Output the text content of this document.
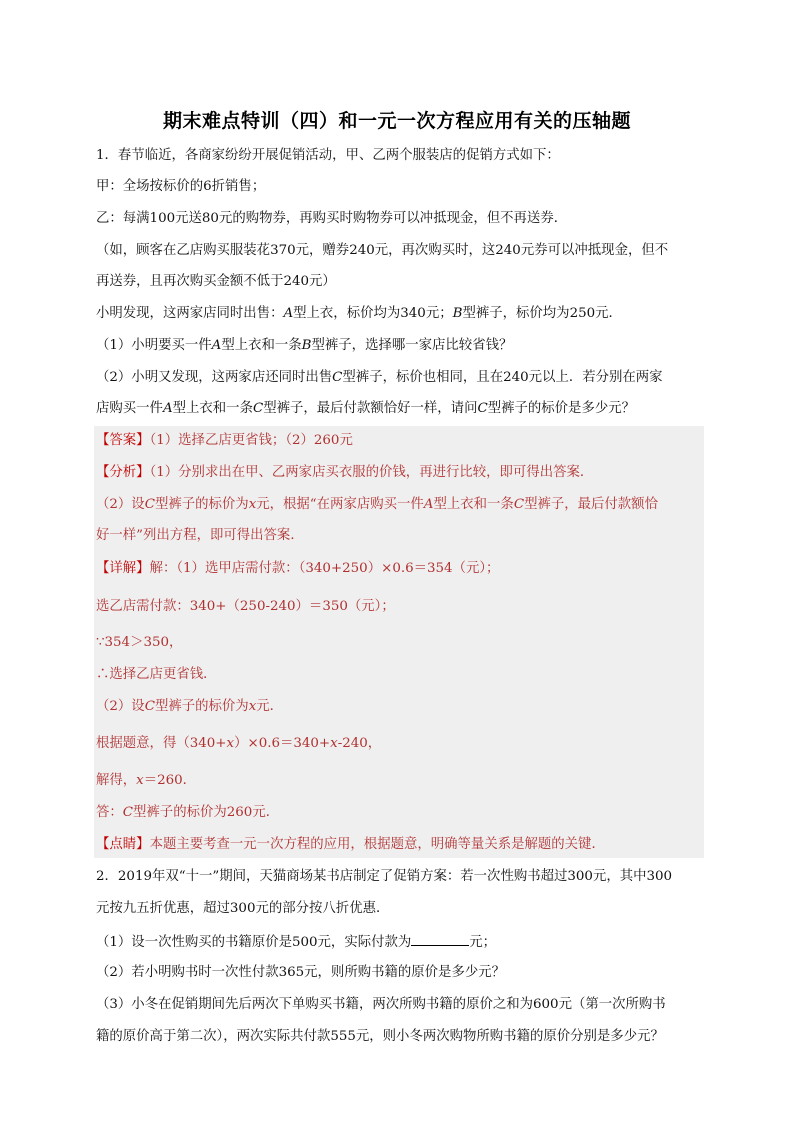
期末难点特训（四）和一元一次方程应用有关的压轴题
1．春节临近，各商家纷纷开展促销活动，甲、乙两个服装店的促销方式如下：
甲：全场按标价的6折销售；
乙：每满100元送80元的购物券，再购买时购物券可以冲抵现金，但不再送券．
（如，顾客在乙店购买服装花370元，赠券240元，再次购买时，这240元券可以冲抵现金，但不
再送券，且再次购买金额不低于240元）
小明发现，这两家店同时出售：A型上衣，标价均为340元；B型裤子，标价均为250元．
（1）小明要买一件A型上衣和一条B型裤子，选择哪一家店比较省钱？
（2）小明又发现，这两家店还同时出售C型裤子，标价也相同，且在240元以上．若分别在两家
店购买一件A型上衣和一条C型裤子，最后付款额恰好一样，请问C型裤子的标价是多少元？
【答案】（1）选择乙店更省钱；（2）260元
【分析】（1）分别求出在甲、乙两家店买衣服的价钱，再进行比较，即可得出答案．
（2）设C型裤子的标价为x元，根据“在两家店购买一件A型上衣和一条C型裤子，最后付款额恰
好一样”列出方程，即可得出答案．
【详解】解：（1）选甲店需付款：（340+250）×0.6＝354（元）；
选乙店需付款：340+（250-240）＝350（元）；
∵354＞350，
∴选择乙店更省钱．
（2）设C型裤子的标价为x元．
根据题意，得（340+x）×0.6＝340+x-240，
解得，x＝260．
答：C型裤子的标价为260元．
【点睛】本题主要考查一元一次方程的应用，根据题意，明确等量关系是解题的关键．
2．2019年双“十一”期间，天猫商场某书店制定了促销方案：若一次性购书超过300元，其中300
元按九五折优惠，超过300元的部分按八折优惠．
（1）设一次性购买的书籍原价是500元，实际付款为	元；
（2）若小明购书时一次性付款365元，则所购书籍的原价是多少元？
（3）小冬在促销期间先后两次下单购买书籍，两次所购书籍的原价之和为600元（第一次所购书
籍的原价高于第二次），两次实际共付款555元，则小冬两次购物所购书籍的原价分别是多少元？
